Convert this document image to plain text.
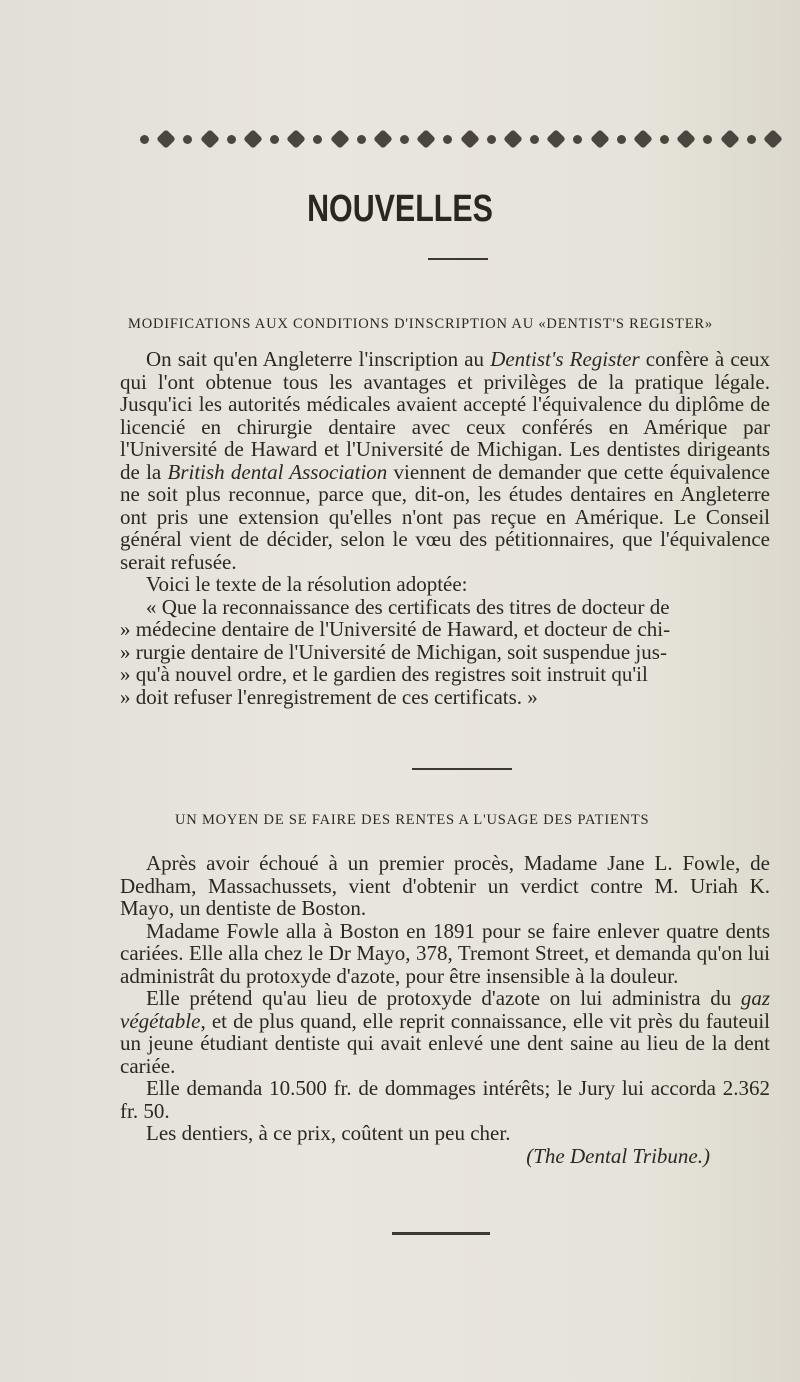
NOUVELLES
MODIFICATIONS AUX CONDITIONS D'INSCRIPTION AU «DENTIST'S REGISTER»

On sait qu'en Angleterre l'inscription au Dentist's Register confère à ceux qui l'ont obtenue tous les avantages et privilèges de la pratique légale. Jusqu'ici les autorités médicales avaient accepté l'équivalence du diplôme de licencié en chirurgie dentaire avec ceux conférés en Amérique par l'Université de Haward et l'Université de Michigan. Les dentistes dirigeants de la British dental Association viennent de demander que cette équivalence ne soit plus reconnue, parce que, dit-on, les études dentaires en Angleterre ont pris une extension qu'elles n'ont pas reçue en Amérique. Le Conseil général vient de décider, selon le vœu des pétitionnaires, que l'équivalence serait refusée.

Voici le texte de la résolution adoptée:

« Que la reconnaissance des certificats des titres de docteur de

» médecine dentaire de l'Université de Haward, et docteur de chi-

» rurgie dentaire de l'Université de Michigan, soit suspendue jus-

» qu'à nouvel ordre, et le gardien des registres soit instruit qu'il

» doit refuser l'enregistrement de ces certificats. »

UN MOYEN DE SE FAIRE DES RENTES A L'USAGE DES PATIENTS

Après avoir échoué à un premier procès, Madame Jane L. Fowle, de Dedham, Massachussets, vient d'obtenir un verdict contre M. Uriah K. Mayo, un dentiste de Boston.

Madame Fowle alla à Boston en 1891 pour se faire enlever quatre dents cariées. Elle alla chez le Dr Mayo, 378, Tremont Street, et demanda qu'on lui administrât du protoxyde d'azote, pour être insensible à la douleur.

Elle prétend qu'au lieu de protoxyde d'azote on lui administra du gaz végétable, et de plus quand, elle reprit connaissance, elle vit près du fauteuil un jeune étudiant dentiste qui avait enlevé une dent saine au lieu de la dent cariée.

Elle demanda 10.500 fr. de dommages intérêts; le Jury lui accorda 2.362 fr. 50.

Les dentiers, à ce prix, coûtent un peu cher.

(The Dental Tribune.)
